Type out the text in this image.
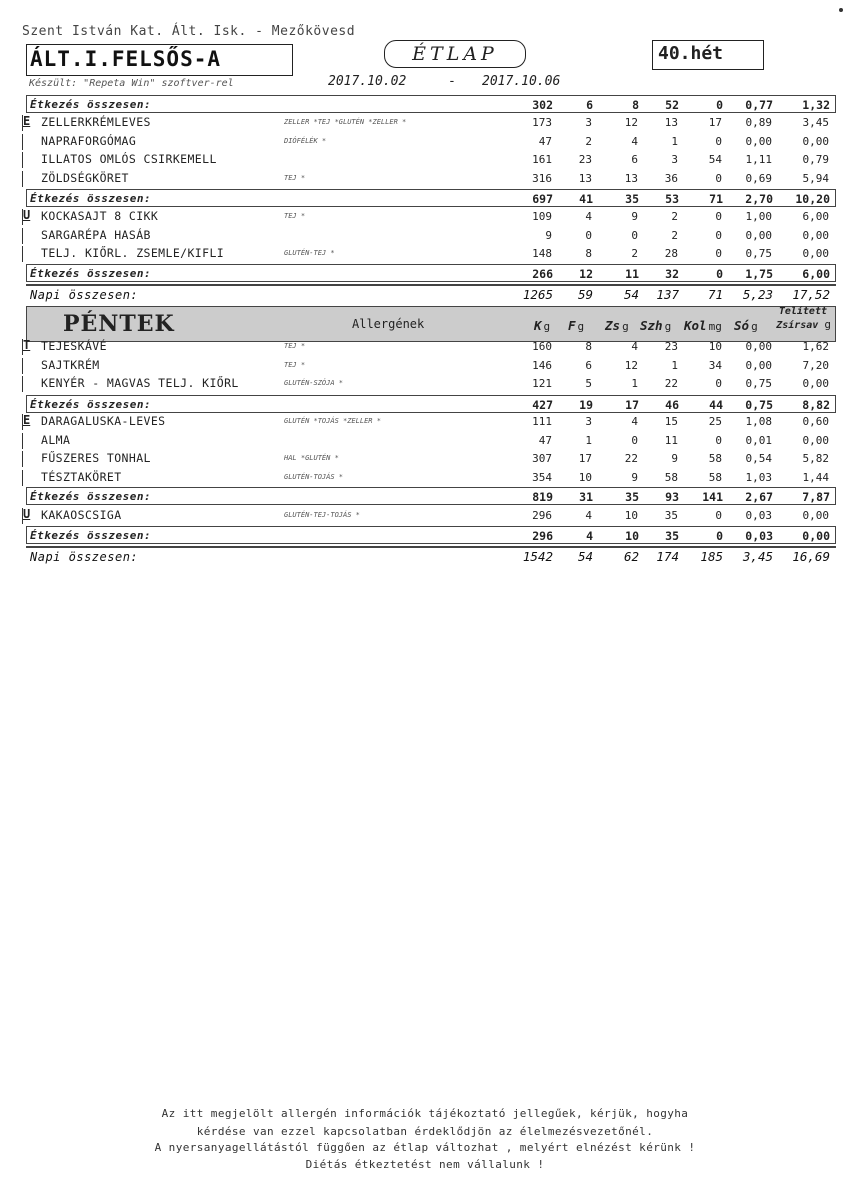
Szent István Kat. Ált. Isk. - Mezőkövesd
ÁLT.I.FELSŐS-A	ÉTLAP	40.hét
Készült: "Repeta Win" szoftver-rel	2017.10.02	- 2017.10.06
Étkezés összesen:	302	6	8 52	0 0,77	1,32
E ZELLERKRÉMLEVES	ZELLER *TEJ *GLUTÉN *ZELLER *	173	3	12 13	17 0,89	3,45
NAPRAFORGÓMAG	DIÓFÉLÉK *	47	2	4	1	0 0,00	0,00
ILLATOS OMLÓS CSIRKEMELL	161 23	6	3	54 1,11	0,79
ZÖLDSÉGKÖRET	TEJ *	316 13	13 36	0 0,69	5,94
Étkezés összesen:	697 41	35 53	71 2,70 10,20
U KOCKASAJT 8 CIKK	TEJ *	109	4	9	2	0 1,00	6,00
SARGARÉPA HASÁB	9	0	0	2	0 0,00	0,00
TELJ. KIŐRL. ZSEMLE/KIFLI	GLUTÉN-TEJ *	148	8	2 28	0 0,75	0,00
Étkezés összesen:	266 12	11 32	0 1,75	6,00
Napi összesen:	1265 59 54 137 71 5,23 17,52
PÉNTEK	Allergének	K g F g Zs g Szh g Kol mg Só g
Telített
Zsírsav g
T TEJESKÁVÉ	TEJ *	160	8	4 23	10 0,00	1,62
SAJTKRÉM	TEJ *	146	6	12	1	34 0,00	7,20
KENYÉR - MAGVAS TELJ. KIŐRL	GLUTÉN-SZÓJA *	121	5	1 22	0 0,75	0,00
Étkezés összesen:	427 19	17 46	44 0,75	8,82
E DARAGALUSKA-LEVES	GLUTÉN *TOJÁS *ZELLER *	111	3	4 15	25 1,08	0,60
ALMA	47	1	0 11	0 0,01	0,00
FŰSZERES TONHAL	HAL *GLUTÉN *	307 17	22	9	58 0,54	5,82
TÉSZTAKÖRET	GLUTÉN-TOJÁS *	354 10	9 58	58 1,03	1,44
Étkezés összesen:	819 31	35 93 141 2,67	7,87
U KAKAOSCSIGA	GLUTÉN-TEJ-TOJÁS *	296	4	10 35	0 0,03	0,00
Étkezés összesen:	296	4	10 35	0 0,03	0,00
Napi összesen:	1542 54 62 174 185 3,45 16,69
Az itt megjelölt allergén információk tájékoztató jellegűek, kérjük, hogyha
kérdése van ezzel kapcsolatban érdeklődjön az élelmezésvezetőnél.
A nyersanyagellátástól függően az étlap változhat , melyért elnézést kérünk !
Diétás étkeztetést nem vállalunk !
